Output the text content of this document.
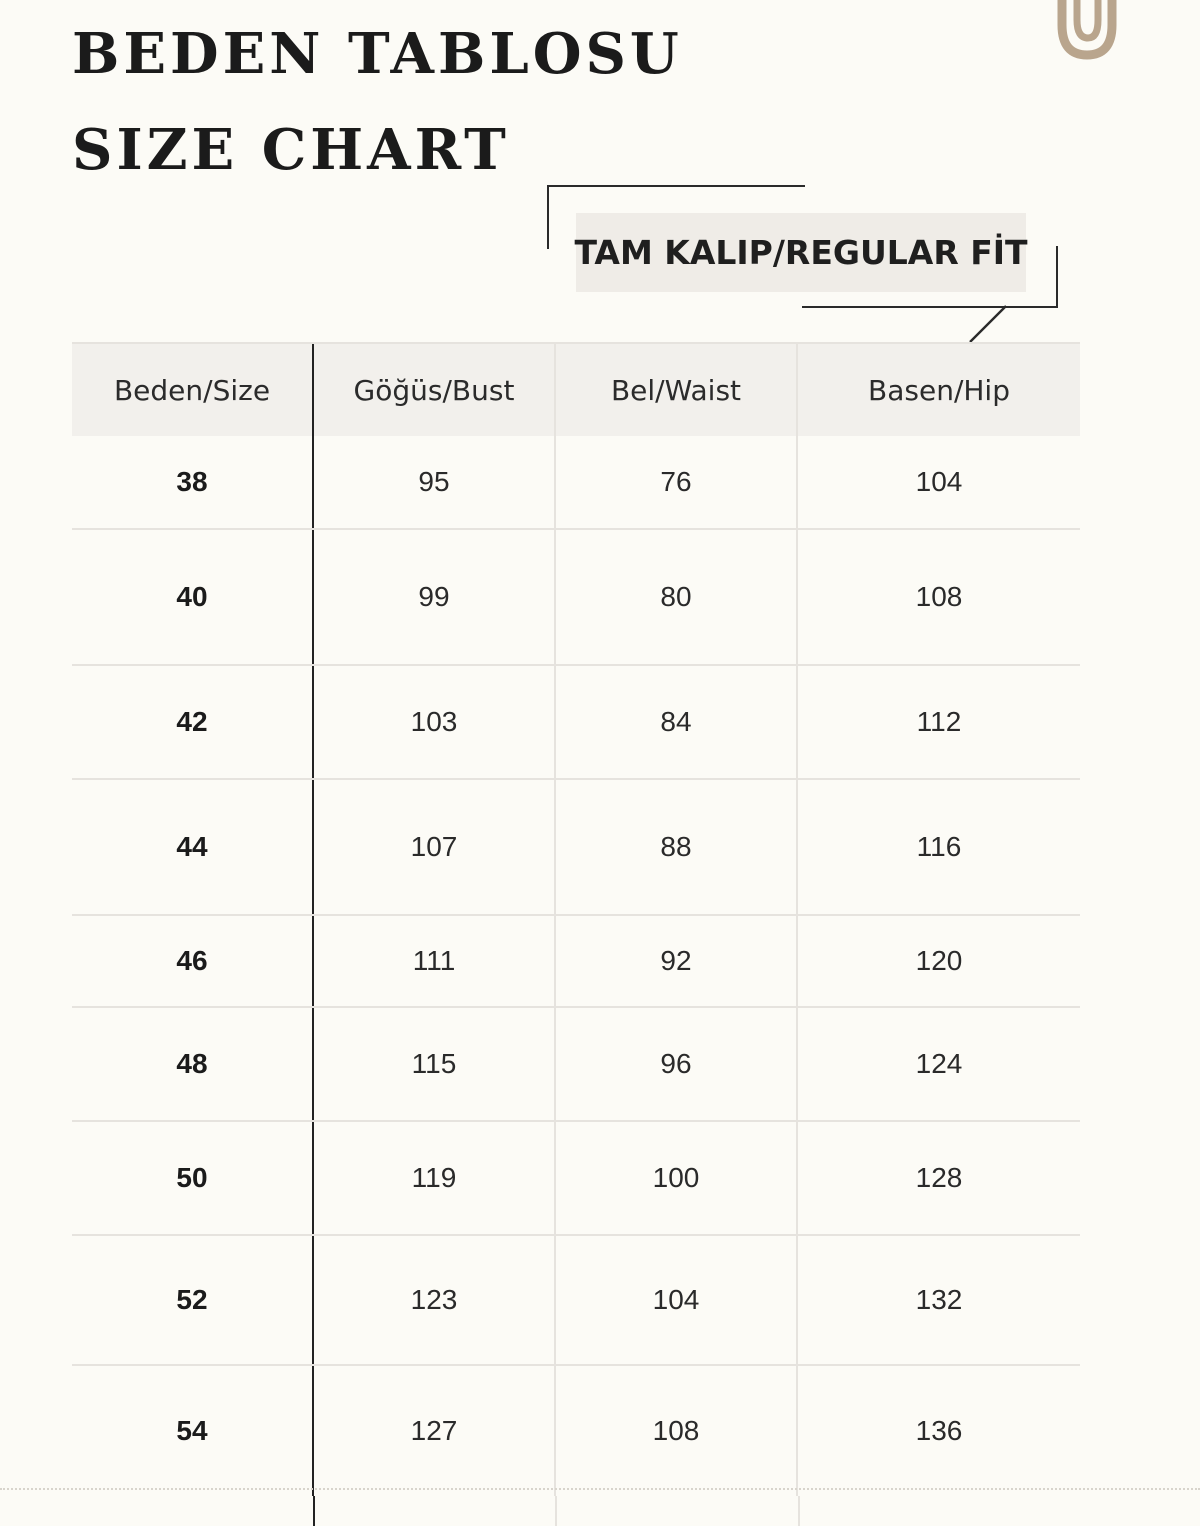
BEDEN TABLOSU
SIZE CHART
TAM KALIP/REGULAR FİT
Beden/Size	Göğüs/Bust	Bel/Waist	Basen/Hip
38	95	76	104
40	99	80	108
42	103	84	112
44	107	88	116
46	111	92	120
48	115	96	124
50	119	100	128
52	123	104	132
54	127	108	136
